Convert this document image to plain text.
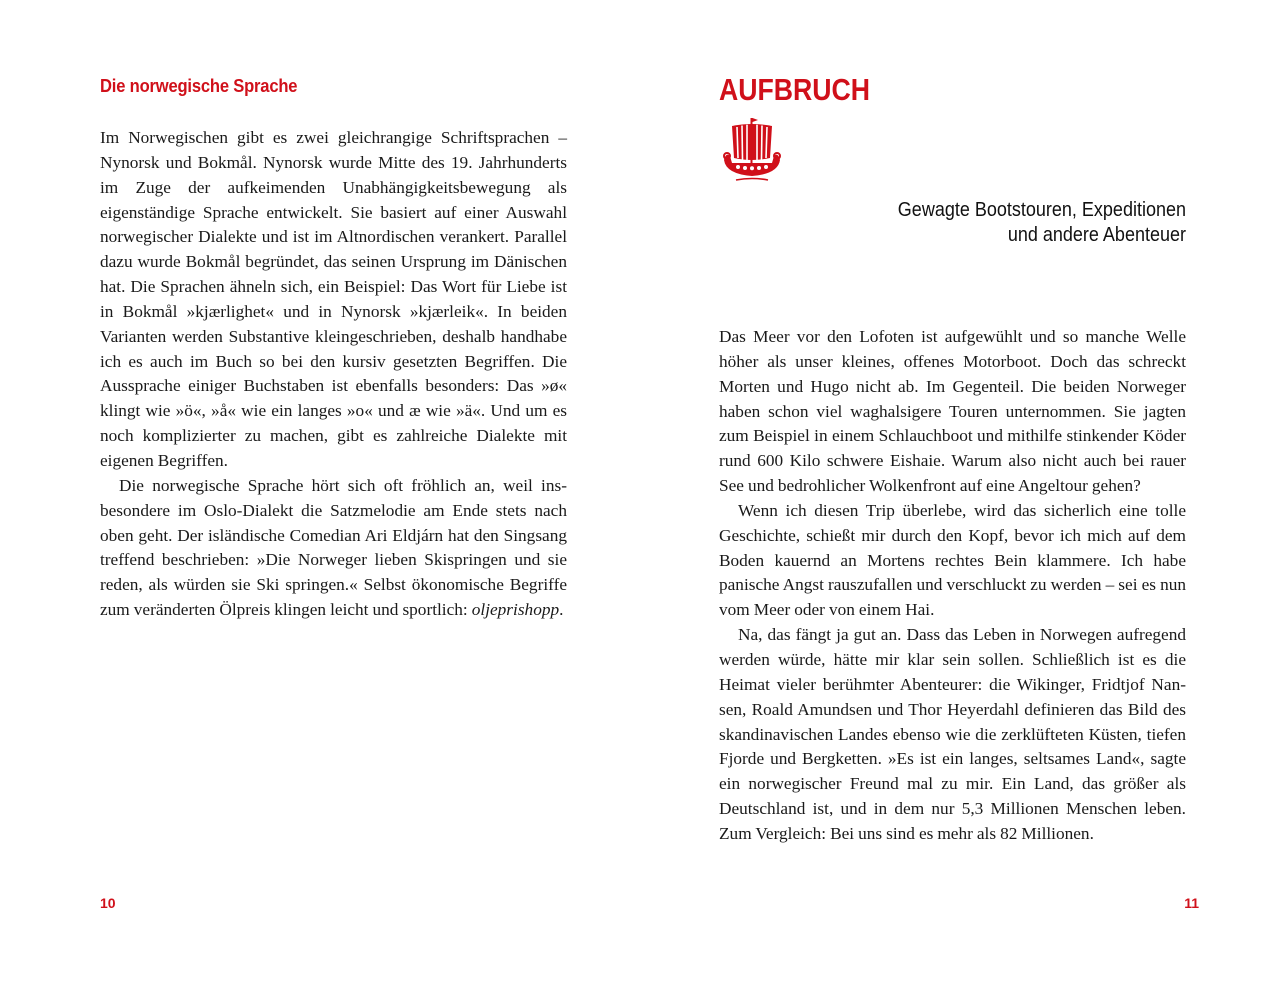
Die norwegische Sprache

Im Norwegischen gibt es zwei gleichrangige Schriftsprachen – Nynorsk und Bokmål. Nynorsk wurde Mitte des 19. Jahrhunderts im Zuge der aufkeimenden Unabhängigkeitsbewegung als eigenständige Sprache entwickelt. Sie basiert auf einer Auswahl norwegischer Dialekte und ist im Altnordischen verankert. Parallel dazu wurde Bokmål begründet, das seinen Ursprung im Dänischen hat. Die Sprachen ähneln sich, ein Beispiel: Das Wort für Liebe ist in Bokmål »kjærlighet« und in Nynorsk »kjærleik«. In beiden Varianten werden Substantive kleingeschrieben, deshalb handhabe ich es auch im Buch so bei den kursiv gesetzten Begriffen. Die Aussprache einiger Buchstaben ist ebenfalls besonders: Das »ø« klingt wie »ö«, »å« wie ein langes »o« und æ wie »ä«. Und um es noch komplizierter zu machen, gibt es zahlreiche Dialekte mit eigenen Begriffen.

Die norwegische Sprache hört sich oft fröhlich an, weil insbesondere im Oslo-Dialekt die Satzmelodie am Ende stets nach oben geht. Der isländische Comedian Ari Eldjárn hat den Singsang treffend beschrieben: »Die Norweger lieben Skispringen und sie reden, als würden sie Ski springen.« Selbst ökonomische Begriffe zum veränderten Ölpreis klingen leicht und sportlich: oljeprishopp.

10
AUFBRUCH
Gewagte Bootstouren, Expeditionen
und andere Abenteuer

Das Meer vor den Lofoten ist aufgewühlt und so manche Welle höher als unser kleines, offenes Motorboot. Doch das schreckt Morten und Hugo nicht ab. Im Gegenteil. Die beiden Norweger haben schon viel waghalsigere Touren unternommen. Sie jagten zum Beispiel in einem Schlauchboot und mithilfe stinkender Köder rund 600 Kilo schwere Eishaie. Warum also nicht auch bei rauer See und bedrohlicher Wolkenfront auf eine Angeltour gehen?

Wenn ich diesen Trip überlebe, wird das sicherlich eine tolle Geschichte, schießt mir durch den Kopf, bevor ich mich auf dem Boden kauernd an Mortens rechtes Bein klammere. Ich habe panische Angst rauszufallen und verschluckt zu werden – sei es nun vom Meer oder von einem Hai.

Na, das fängt ja gut an. Dass das Leben in Norwegen aufregend werden würde, hätte mir klar sein sollen. Schließlich ist es die Heimat vieler berühmter Abenteurer: die Wikinger, Fridtjof Nansen, Roald Amundsen und Thor Heyerdahl definieren das Bild des skandinavischen Landes ebenso wie die zerklüfteten Küsten, tiefen Fjorde und Bergketten. »Es ist ein langes, seltsames Land«, sagte ein norwegischer Freund mal zu mir. Ein Land, das größer als Deutschland ist, und in dem nur 5,3 Millionen Menschen leben. Zum Vergleich: Bei uns sind es mehr als 82 Millionen.

11
